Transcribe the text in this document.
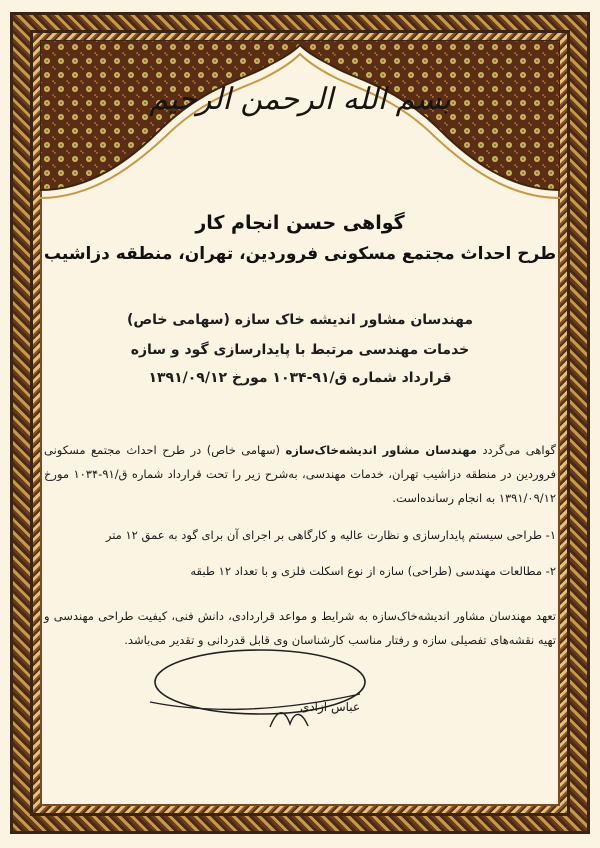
بسم الله الرحمن الرحیم
گواهی حسن انجام کار
طرح احداث مجتمع مسکونی فروردین، تهران، منطقه دزاشیب
مهندسان مشاور اندیشه خاک سازه (سهامی خاص)
خدمات مهندسی مرتبط با پایدارسازی گود و سازه
قرارداد شماره ق/۹۱-۱۰۳۴ مورخ ۱۳۹۱/۰۹/۱۲
گواهی می‌گردد مهندسان مشاور اندیشه‌خاک‌سازه (سهامی خاص) در طرح احداث مجتمع مسکونی فروردین در منطقه دزاشیب تهران، خدمات مهندسی، به‌شرح زیر را تحت قرارداد شماره ق/۹۱-۱۰۳۴ مورخ ۱۳۹۱/۰۹/۱۲ به انجام رسانده‌است.
۱- طراحی سیستم پایدارسازی و نظارت عالیه و کارگاهی بر اجرای آن برای گود به عمق ۱۲ متر
۲- مطالعات مهندسی (طراحی) سازه از نوع اسکلت فلزی و با تعداد ۱۲ طبقه
تعهد مهندسان مشاور اندیشه‌خاک‌سازه به شرایط و مواعد قراردادی، دانش فنی، کیفیت طراحی مهندسی و تهیه نقشه‌های تفصیلی سازه و رفتار مناسب کارشناسان وی قابل قدردانی و تقدیر می‌باشد.
عباس آزادی
